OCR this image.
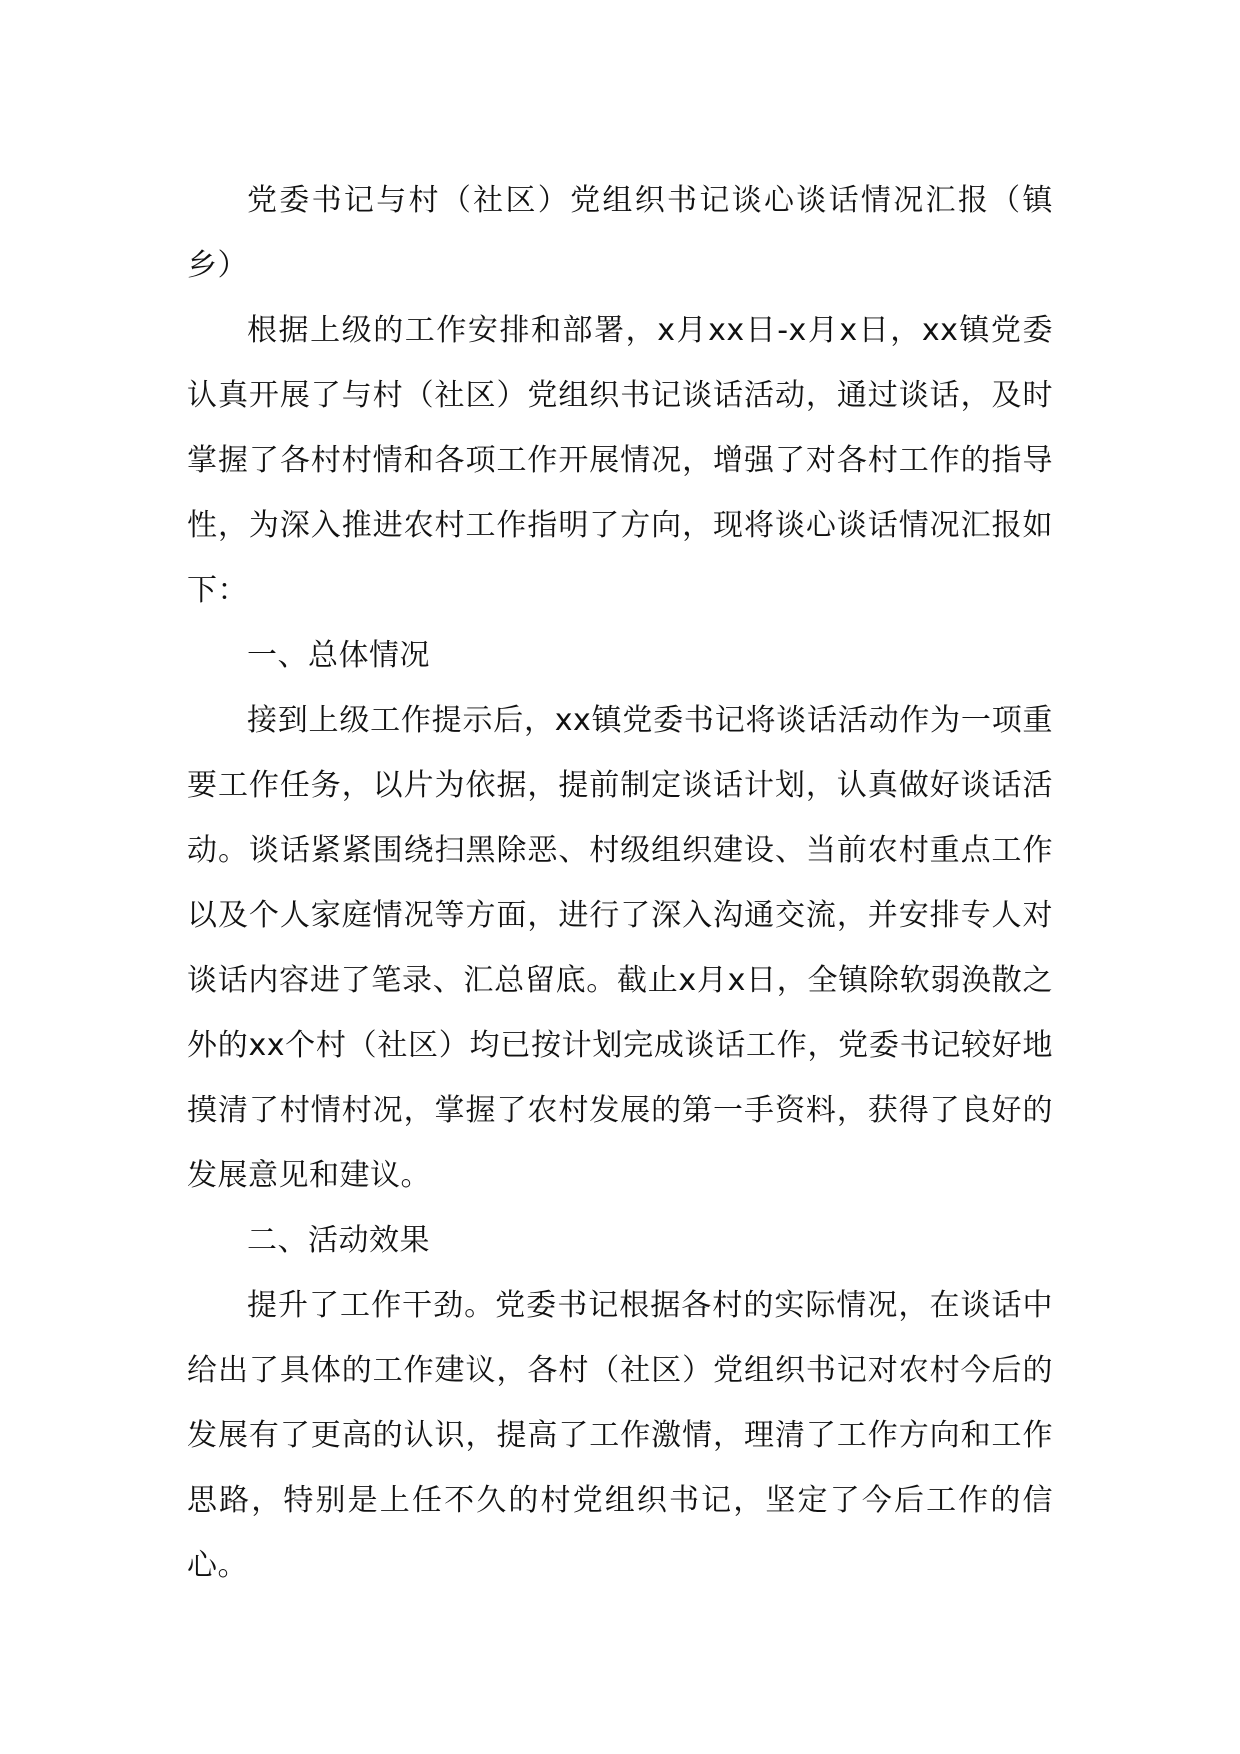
党委书记与村（社区）党组织书记谈心谈话情况汇报（镇乡）

根据上级的工作安排和部署，x月xx日-x月x日，xx镇党委认真开展了与村（社区）党组织书记谈话活动，通过谈话，及时掌握了各村村情和各项工作开展情况，增强了对各村工作的指导性，为深入推进农村工作指明了方向，现将谈心谈话情况汇报如下：

一、总体情况

接到上级工作提示后，xx镇党委书记将谈话活动作为一项重要工作任务，以片为依据，提前制定谈话计划，认真做好谈话活动。谈话紧紧围绕扫黑除恶、村级组织建设、当前农村重点工作以及个人家庭情况等方面，进行了深入沟通交流，并安排专人对谈话内容进了笔录、汇总留底。截止x月x日，全镇除软弱涣散之外的xx个村（社区）均已按计划完成谈话工作，党委书记较好地摸清了村情村况，掌握了农村发展的第一手资料，获得了良好的发展意见和建议。

二、活动效果

提升了工作干劲。党委书记根据各村的实际情况，在谈话中给出了具体的工作建议，各村（社区）党组织书记对农村今后的发展有了更高的认识，提高了工作激情，理清了工作方向和工作思路，特别是上任不久的村党组织书记，坚定了今后工作的信心。
